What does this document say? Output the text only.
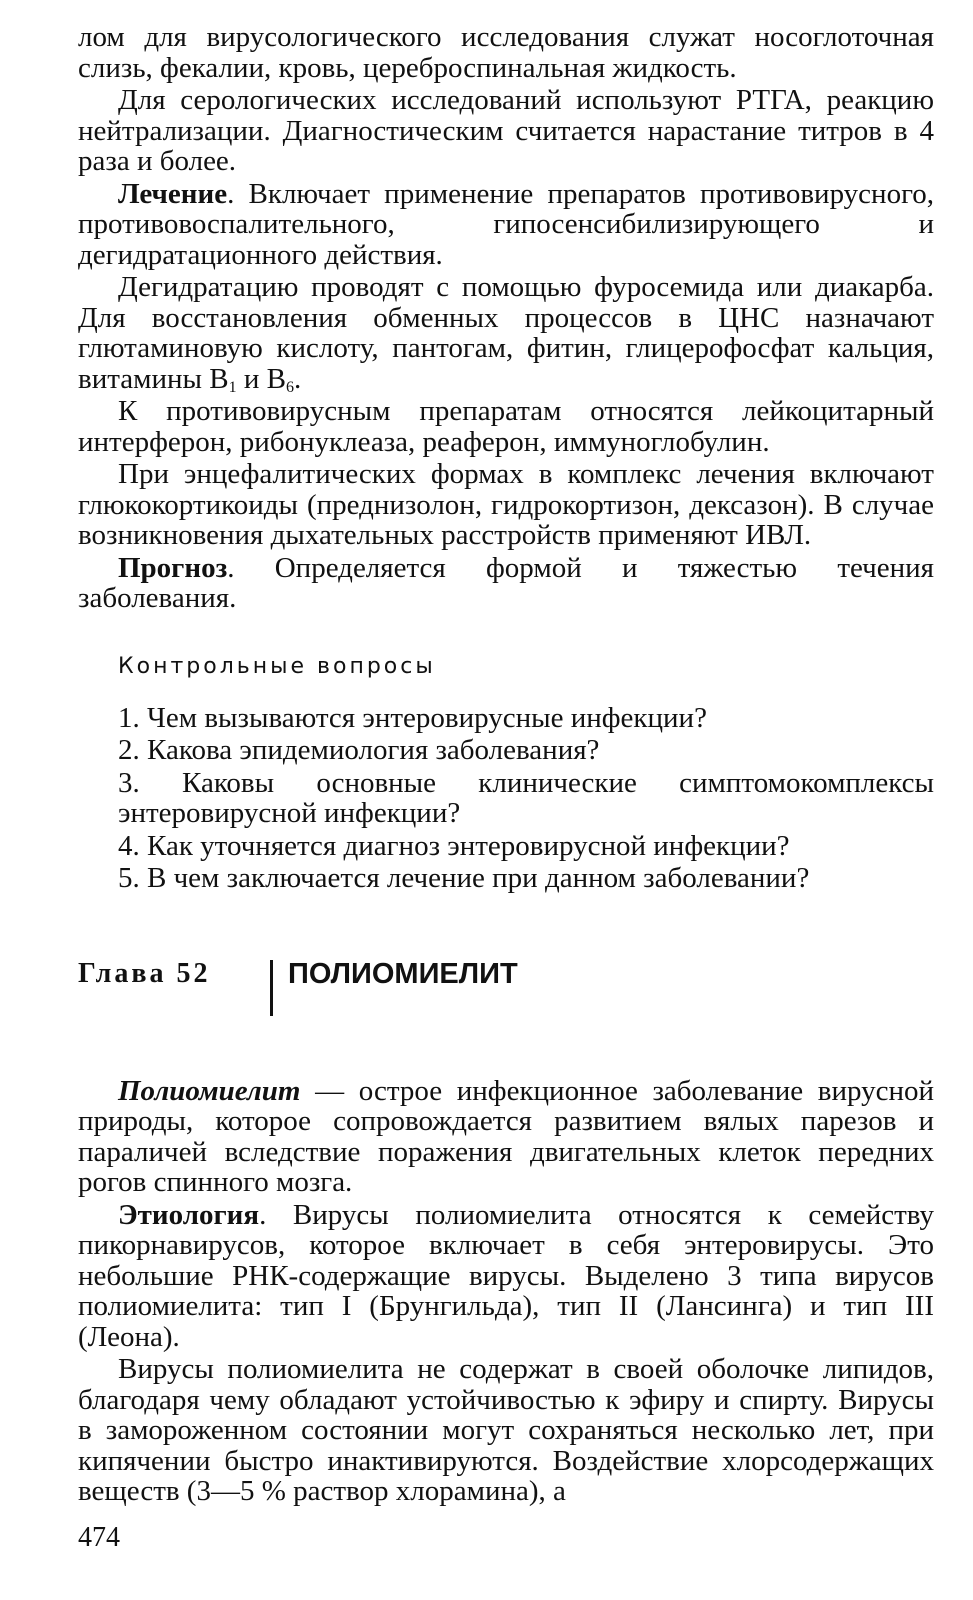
лом для вирусологического исследования служат носоглоточная слизь, фекалии, кровь, цереброспинальная жидкость.

Для серологических исследований используют РТГА, реакцию нейтрализации. Диагностическим считается нарастание титров в 4 раза и более.

Лечение. Включает применение препаратов противовирусного, противовоспалительного, гипосенсибилизирующего и дегидратационного действия.

Дегидратацию проводят с помощью фуросемида или диакарба. Для восстановления обменных процессов в ЦНС назначают глютаминовую кислоту, пантогам, фитин, глицерофосфат кальция, витамины $В_1$ и $В_6$.

К противовирусным препаратам относятся лейкоцитарный интерферон, рибонуклеаза, реаферон, иммуноглобулин.

При энцефалитических формах в комплекс лечения включают глюкокортикоиды (преднизолон, гидрокортизон, дексазон). В случае возникновения дыхательных расстройств применяют ИВЛ.

Прогноз. Определяется формой и тяжестью течения заболевания.

Контрольные вопросы
1. Чем вызываются энтеровирусные инфекции?
2. Какова эпидемиология заболевания?
3. Каковы основные клинические симптомокомплексы энтеровирусной инфекции?
4. Как уточняется диагноз энтеровирусной инфекции?
5. В чем заключается лечение при данном заболевании?
Глава 52	ПОЛИОМИЕЛИТ

Полиомиелит — острое инфекционное заболевание вирусной природы, которое сопровождается развитием вялых парезов и параличей вследствие поражения двигательных клеток передних рогов спинного мозга.

Этиология. Вирусы полиомиелита относятся к семейству пикорнавирусов, которое включает в себя энтеровирусы. Это небольшие РНК-содержащие вирусы. Выделено 3 типа вирусов полиомиелита: тип I (Брунгильда), тип II (Лансинга) и тип III (Леона).

Вирусы полиомиелита не содержат в своей оболочке липидов, благодаря чему обладают устойчивостью к эфиру и спирту. Вирусы в замороженном состоянии могут сохраняться несколько лет, при кипячении быстро инактивируются. Воздействие хлорсодержащих веществ (3—5 % раствор хлорамина), а

474
